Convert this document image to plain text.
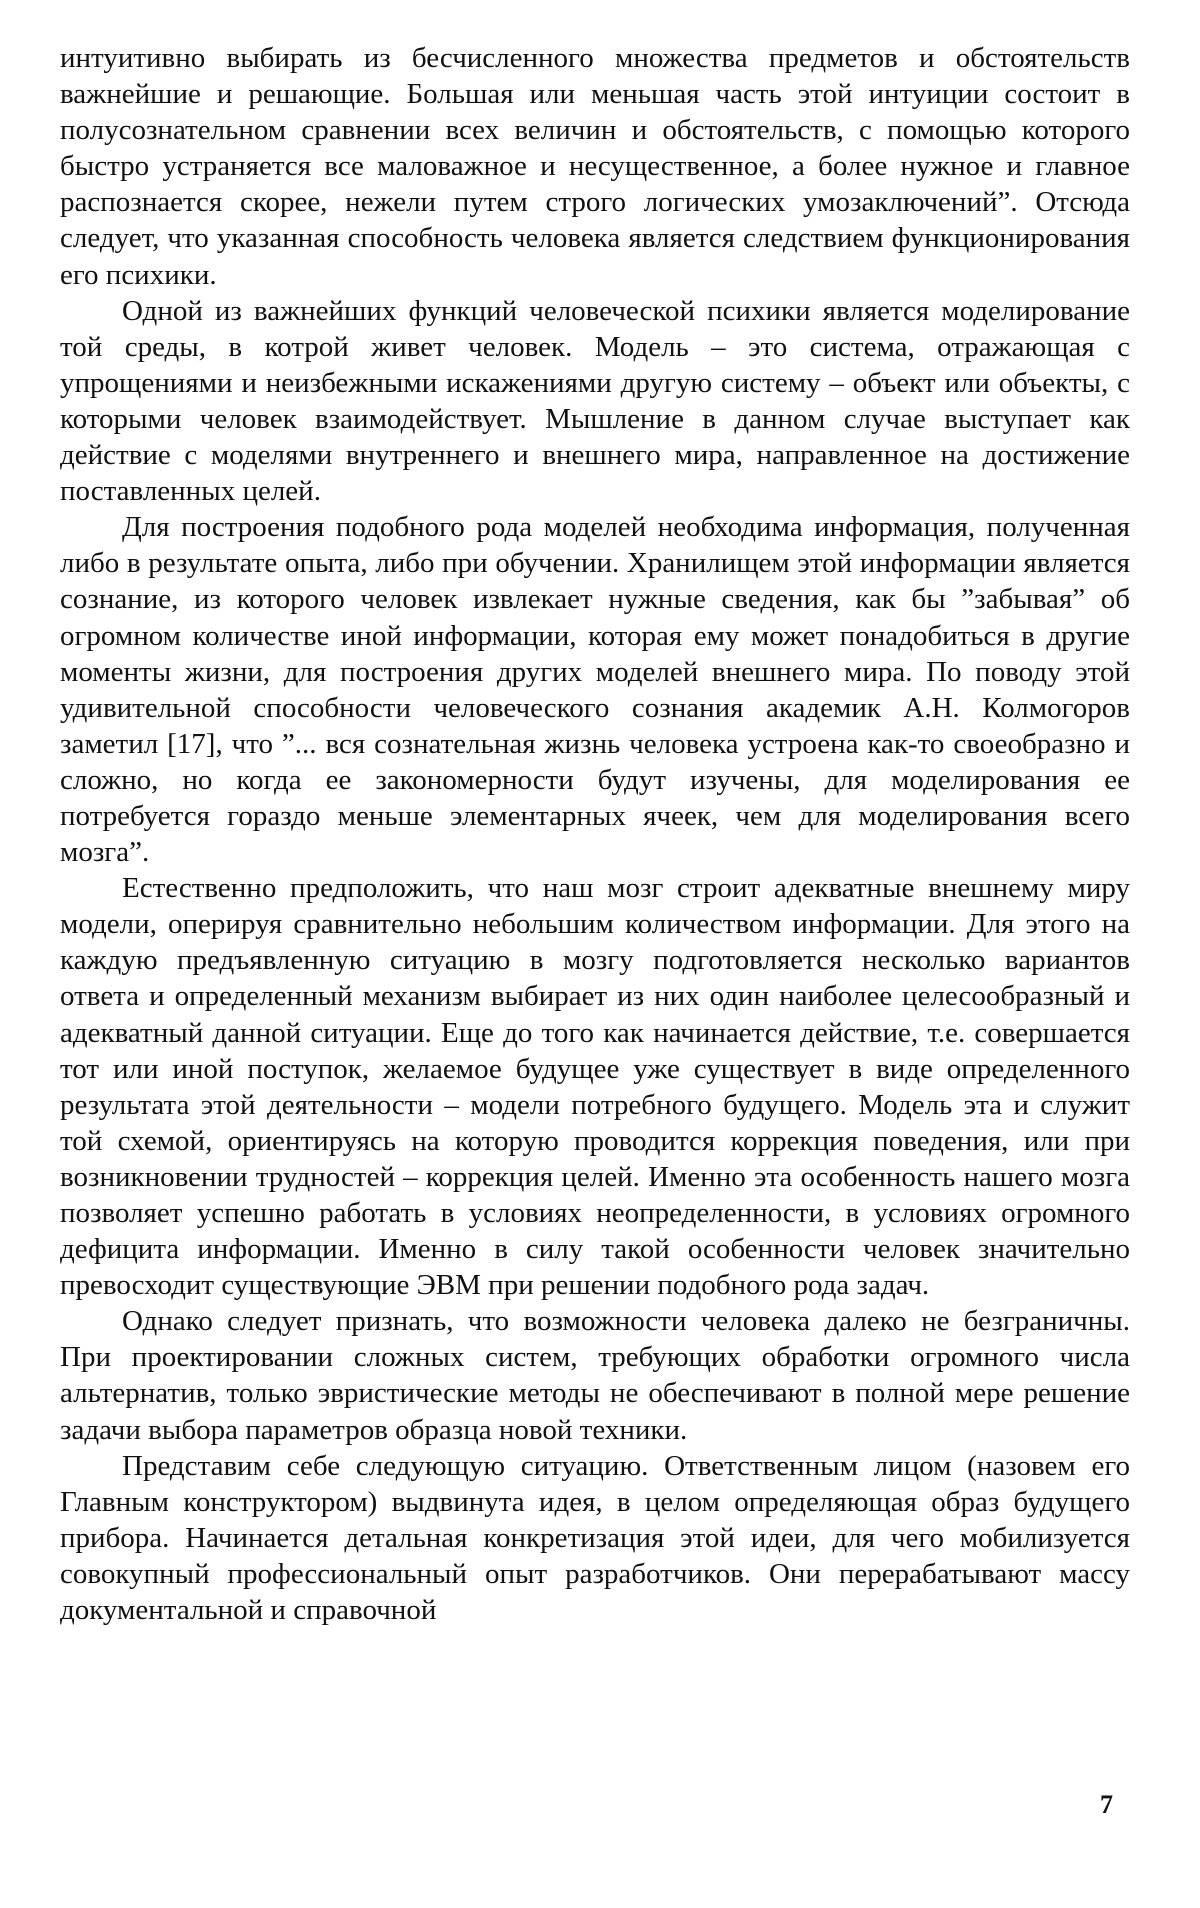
интуитивно выбирать из бесчисленного множества предметов и обстоятельств важнейшие и решающие. Большая или меньшая часть этой интуиции состоит в полусознательном сравнении всех величин и обстоятельств, с помощью которого быстро устраняется все маловажное и несущественное, а более нужное и главное распознается скорее, нежели путем строго логических умозаключений”. Отсюда следует, что указанная способность человека является следствием функционирования его психики.

Одной из важнейших функций человеческой психики является моделирование той среды, в котрой живет человек. Модель – это система, отражающая с упрощениями и неизбежными искажениями другую систему – объект или объекты, с которыми человек взаимодействует. Мышление в данном случае выступает как действие с моделями внутреннего и внешнего мира, направленное на достижение поставленных целей.

Для построения подобного рода моделей необходима информация, полученная либо в результате опыта, либо при обучении. Хранилищем этой информации является сознание, из которого человек извлекает нужные сведения, как бы ”забывая” об огромном количестве иной информации, которая ему может понадобиться в другие моменты жизни, для построения других моделей внешнего мира. По поводу этой удивительной способности человеческого сознания академик А.Н. Колмогоров заметил [17], что ”... вся сознательная жизнь человека устроена как-то своеобразно и сложно, но когда ее закономерности будут изучены, для моделирования ее потребуется гораздо меньше элементарных ячеек, чем для моделирования всего мозга”.

Естественно предположить, что наш мозг строит адекватные внешнему миру модели, оперируя сравнительно небольшим количеством информации. Для этого на каждую предъявленную ситуацию в мозгу подготовляется несколько вариантов ответа и определенный механизм выбирает из них один наиболее целесообразный и адекватный данной ситуации. Еще до того как начинается действие, т.е. совершается тот или иной поступок, желаемое будущее уже существует в виде определенного результата этой деятельности – модели потребного будущего. Модель эта и служит той схемой, ориентируясь на которую проводится коррекция поведения, или при возникновении трудностей – коррекция целей. Именно эта особенность нашего мозга позволяет успешно работать в условиях неопределенности, в условиях огромного дефицита информации. Именно в силу такой особенности человек значительно превосходит существующие ЭВМ при решении подобного рода задач.

Однако следует признать, что возможности человека далеко не безграничны. При проектировании сложных систем, требующих обработки огромного числа альтернатив, только эвристические методы не обеспечивают в полной мере решение задачи выбора параметров образца новой техники.

Представим себе следующую ситуацию. Ответственным лицом (назовем его Главным конструктором) выдвинута идея, в целом определяющая образ будущего прибора. Начинается детальная конкретизация этой идеи, для чего мобилизуется совокупный профессиональный опыт разработчиков. Они перерабатывают массу документальной и справочной

7
